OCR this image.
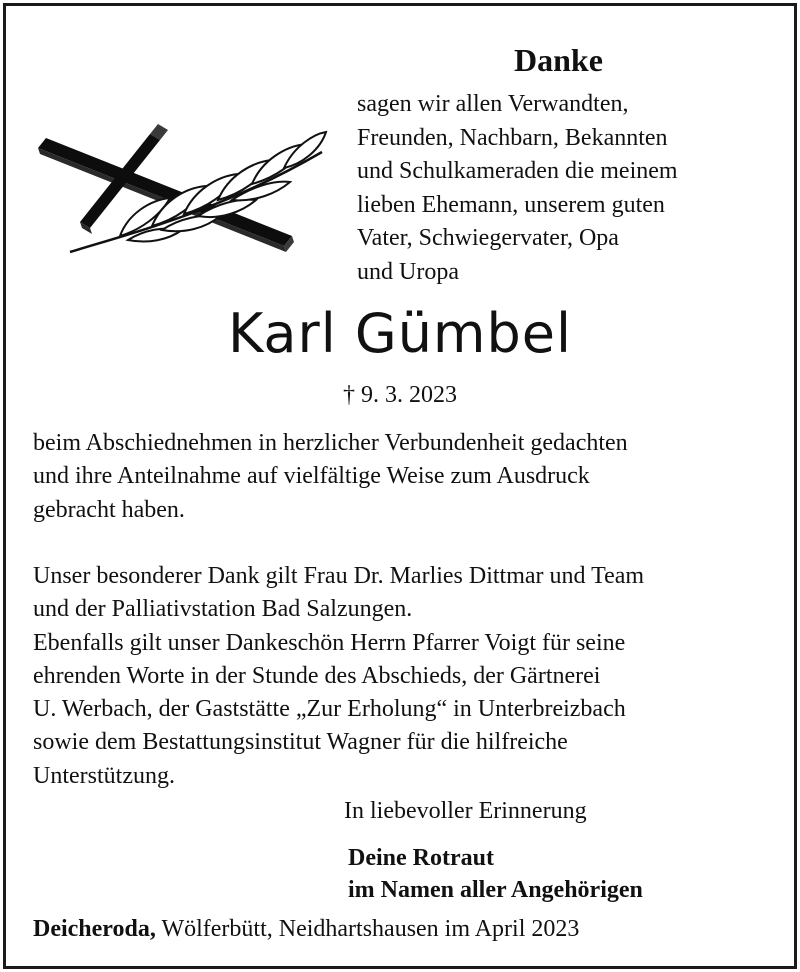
Danke

sagen wir allen Verwandten,
Freunden, Nachbarn, Bekannten
und Schulkameraden die meinem
lieben Ehemann, unserem guten
Vater, Schwiegervater, Opa
und Uropa

Karl Gümbel

† 9. 3. 2023

beim Abschiednehmen in herzlicher Verbundenheit gedachten
und ihre Anteilnahme auf vielfältige Weise zum Ausdruck
gebracht haben.

Unser besonderer Dank gilt Frau Dr. Marlies Dittmar und Team
und der Palliativstation Bad Salzungen.
Ebenfalls gilt unser Dankeschön Herrn Pfarrer Voigt für seine
ehrenden Worte in der Stunde des Abschieds, der Gärtnerei
U. Werbach, der Gaststätte „Zur Erholung“ in Unterbreizbach
sowie dem Bestattungsinstitut Wagner für die hilfreiche
Unterstützung.

In liebevoller Erinnerung

Deine Rotraut
im Namen aller Angehörigen

Deicheroda, Wölferbütt, Neidhartshausen im April 2023
